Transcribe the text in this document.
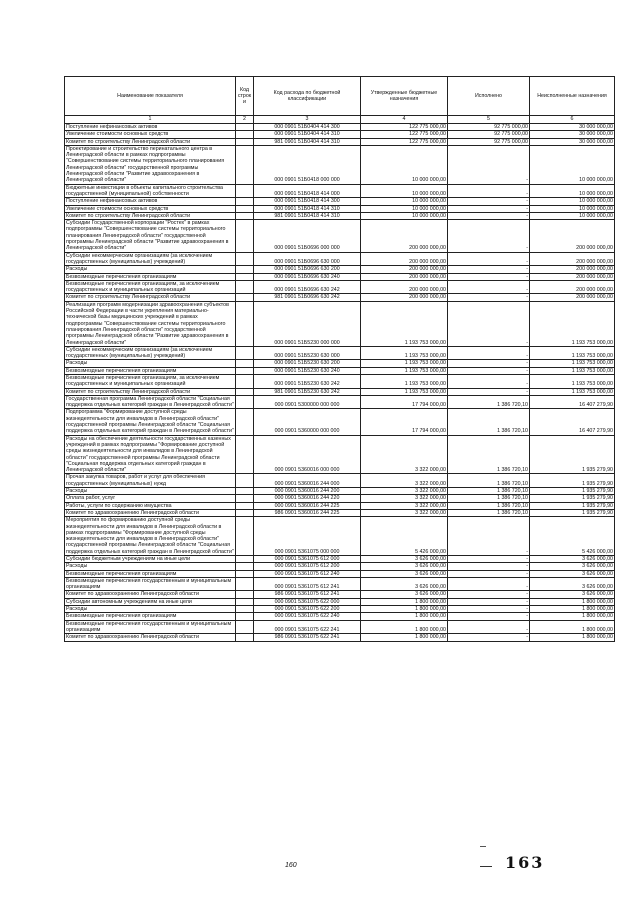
Наименование показателя	Код строк и	Код расхода по бюджетной классификации	Утвержденные бюджетные назначения	Исполнено	Неисполненные назначения
1	2	3	4	5	6
Поступление нефинансовых активов		000 0901 51Б0404 414 300	122 775 000,00	92 775 000,00	30 000 000,00
Увеличение стоимости основных средств		000 0901 51Б0404 414 310	122 775 000,00	92 775 000,00	30 000 000,00
Комитет по строительству Ленинградской области		981 0901 51Б0404 414 310	122 775 000,00	92 775 000,00	30 000 000,00
Проектирование и строительство перинатального центра в Ленинградской области в рамках подпрограммы "Совершенствование системы территориального планирования Ленинградской области" государственной программы Ленинградской области "Развитие здравоохранения в Ленинградской области"		000 0901 51Б0418 000 000	10 000 000,00	-	10 000 000,00
Бюджетные инвестиции в объекты капитального строительства государственной (муниципальной) собственности		000 0901 51Б0418 414 000	10 000 000,00	-	10 000 000,00
Поступление нефинансовых активов		000 0901 51Б0418 414 300	10 000 000,00	-	10 000 000,00
Увеличение стоимости основных средств		000 0901 51Б0418 414 310	10 000 000,00	-	10 000 000,00
Комитет по строительству Ленинградской области		981 0901 51Б0418 414 310	10 000 000,00	-	10 000 000,00
Субсидии Государственной корпорации "Ростех" в рамках подпрограммы "Совершенствование системы территориального планирования Ленинградской области" государственной программы Ленинградской области "Развитие здравоохранения в Ленинградской области"		000 0901 51Б0696 000 000	200 000 000,00	-	200 000 000,00
Субсидии некоммерческим организациям (за исключением государственных (муниципальных) учреждений)		000 0901 51Б0696 630 000	200 000 000,00	-	200 000 000,00
Расходы		000 0901 51Б0696 630 200	200 000 000,00	-	200 000 000,00
Безвозмездные перечисления организациям		000 0901 51Б0696 630 240	200 000 000,00	-	200 000 000,00
Безвозмездные перечисления организациям, за исключением государственных и муниципальных организаций		000 0901 51Б0696 630 242	200 000 000,00	-	200 000 000,00
Комитет по строительству Ленинградской области		981 0901 51Б0696 630 242	200 000 000,00	-	200 000 000,00
Реализация программ модернизации здравоохранения субъектов Российской Федерации в части укрепления материально-технической базы медицинских учреждений в рамках подпрограммы "Совершенствование системы территориального планирования Ленинградской области" государственной программы Ленинградской области "Развитие здравоохранения в Ленинградской области"		000 0901 51Б5230 000 000	1 193 753 000,00	-	1 193 753 000,00
Субсидии некоммерческим организациям (за исключением государственных (муниципальных) учреждений)		000 0901 51Б5230 630 000	1 193 753 000,00	-	1 193 753 000,00
Расходы		000 0901 51Б5230 630 200	1 193 753 000,00	-	1 193 753 000,00
Безвозмездные перечисления организациям		000 0901 51Б5230 630 240	1 193 753 000,00	-	1 193 753 000,00
Безвозмездные перечисления организациям, за исключением государственных и муниципальных организаций		000 0901 51Б5230 630 242	1 193 753 000,00	-	1 193 753 000,00
Комитет по строительству Ленинградской области		981 0901 51Б5230 630 242	1 193 753 000,00	-	1 193 753 000,00
Государственная программа Ленинградской области "Социальная поддержка отдельных категорий граждан в Ленинградской области"		000 0901 5300000 000 000	17 794 000,00	1 386 720,10	16 407 279,90
Подпрограмма "Формирование доступной среды жизнедеятельности для инвалидов в Ленинградской области" государственной программы Ленинградской области "Социальная поддержка отдельных категорий граждан в Ленинградской области"		000 0901 5360000 000 000	17 794 000,00	1 386 720,10	16 407 279,90
Расходы на обеспечение деятельности государственных казенных учреждений в рамках подпрограммы "Формирование доступной среды жизнедеятельности для инвалидов в Ленинградской области" государственной программы Ленинградской области "Социальная поддержка отдельных категорий граждан в Ленинградской области"		000 0901 5360016 000 000	3 322 000,00	1 386 720,10	1 935 279,90
Прочая закупка товаров, работ и услуг для обеспечения государственных (муниципальных) нужд		000 0901 5360016 244 000	3 322 000,00	1 386 720,10	1 935 279,90
Расходы		000 0901 5360016 244 200	3 322 000,00	1 386 720,10	1 935 279,90
Оплата работ, услуг		000 0901 5360016 244 220	3 322 000,00	1 386 720,10	1 935 279,90
Работы, услуги по содержанию имущества		000 0901 5360016 244 225	3 322 000,00	1 386 720,10	1 935 279,90
Комитет по здравоохранению Ленинградской области		986 0901 5360016 244 225	3 322 000,00	1 386 720,10	1 935 279,90
Мероприятия по формированию доступной среды жизнедеятельности для инвалидов в Ленинградской области в рамках подпрограммы "Формирование доступной среды жизнедеятельности для инвалидов в Ленинградской области" государственной программы Ленинградской области "Социальная поддержка отдельных категорий граждан в Ленинградской области"		000 0901 5361075 000 000	5 426 000,00	-	5 426 000,00
Субсидии бюджетным учреждениям на иные цели		000 0901 5361075 612 000	3 626 000,00	-	3 626 000,00
Расходы		000 0901 5361075 612 200	3 626 000,00	-	3 626 000,00
Безвозмездные перечисления организациям		000 0901 5361075 612 240	3 626 000,00	-	3 626 000,00
Безвозмездные перечисления государственным и муниципальным организациям		000 0901 5361075 612 241	3 626 000,00	-	3 626 000,00
Комитет по здравоохранению Ленинградской области		986 0901 5361075 612 241	3 626 000,00	-	3 626 000,00
Субсидии автономным учреждениям на иные цели		000 0901 5361075 622 000	1 800 000,00	-	1 800 000,00
Расходы		000 0901 5361075 622 200	1 800 000,00	-	1 800 000,00
Безвозмездные перечисления организациям		000 0901 5361075 622 240	1 800 000,00	-	1 800 000,00
Безвозмездные перечисления государственным и муниципальным организациям		000 0901 5361075 622 241	1 800 000,00	-	1 800 000,00
Комитет по здравоохранению Ленинградской области		986 0901 5361075 622 241	1 800 000,00	-	1 800 000,00
160	163
